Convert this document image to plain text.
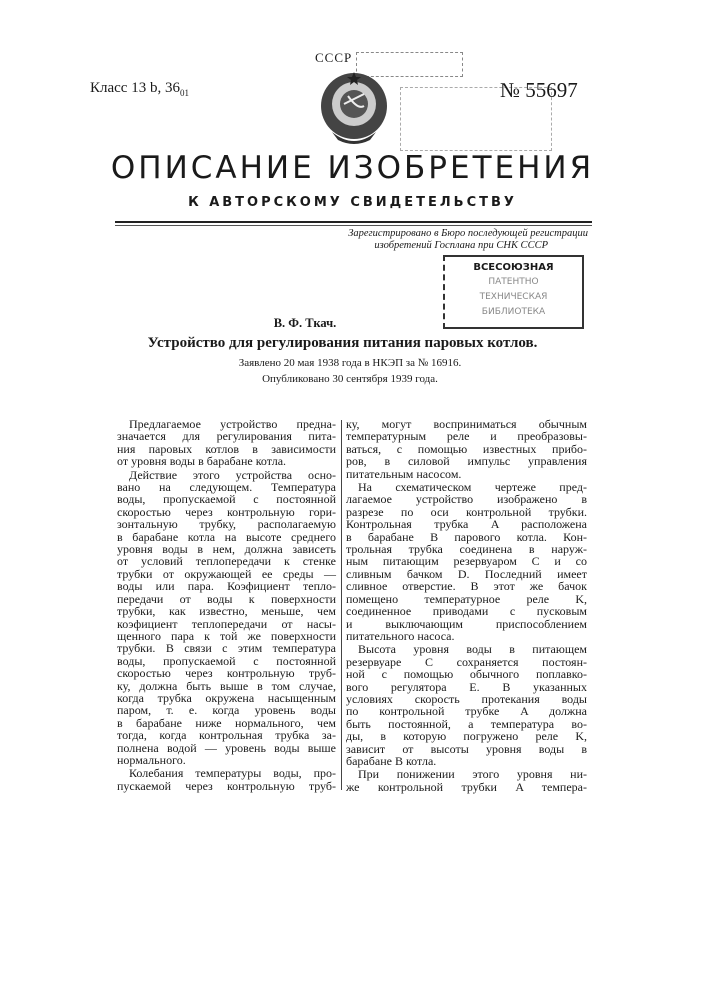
Класс 13 b, 3601
СССР
№ 55697
ОПИСАНИЕ ИЗОБРЕТЕНИЯ
К АВТОРСКОМУ СВИДЕТЕЛЬСТВУ
Зарегистрировано в Бюро последующей регистрации
изобретений Госплана при СНК СССР
ВСЕСОЮЗНАЯ
ПАТЕНТНО
ТЕХНИЧЕСКАЯ
БИБЛИОТЕКА
В. Ф. Ткач.
Устройство для регулирования питания паровых котлов.
Заявлено 20 мая 1938 года в НКЭП за № 16916.
Опубликовано 30 сентября 1939 года.
Предлагаемое устройство предна-
значается для регулирования пита-
ния паровых котлов в зависимости
от уровня воды в барабане котла.
Действие этого устройства осно-
вано на следующем. Температура
воды, пропускаемой с постоянной
скоростью через контрольную гори-
зонтальную трубку, располагаемую
в барабане котла на высоте среднего
уровня воды в нем, должна зависеть
от условий теплопередачи к стенке
трубки от окружающей ее среды —
воды или пара. Коэфициент тепло-
передачи от воды к поверхности
трубки, как известно, меньше, чем
коэфициент теплопередачи от насы-
щенного пара к той же поверхности
трубки. В связи с этим температура
воды, пропускаемой с постоянной
скоростью через контрольную труб-
ку, должна быть выше в том случае,
когда трубка окружена насыщенным
паром, т. е. когда уровень воды
в барабане ниже нормального, чем
тогда, когда контрольная трубка за-
полнена водой — уровень воды выше
нормального.
Колебания температуры воды, про-
пускаемой через контрольную труб-
ку, могут восприниматься обычным
температурным реле и преобразовы-
ваться, с помощью известных прибо-
ров, в силовой импульс управления
питательным насосом.
На схематическом чертеже пред-
лагаемое устройство изображено в
разрезе по оси контрольной трубки.
Контрольная трубка A расположена
в барабане B парового котла. Кон-
трольная трубка соединена в наруж-
ным питающим резервуаром C и со
сливным бачком D. Последний имеет
сливное отверстие. В этот же бачок
помещено температурное реле K,
соединенное приводами с пусковым
и выключающим приспособлением
питательного насоса.
Высота уровня воды в питающем
резервуаре C сохраняется постоян-
ной с помощью обычного поплавко-
вого регулятора E. В указанных
условиях скорость протекания воды
по контрольной трубке A должна
быть постоянной, а температура во-
ды, в которую погружено реле K,
зависит от высоты уровня воды в
барабане B котла.
При понижении этого уровня ни-
же контрольной трубки A темпера-
